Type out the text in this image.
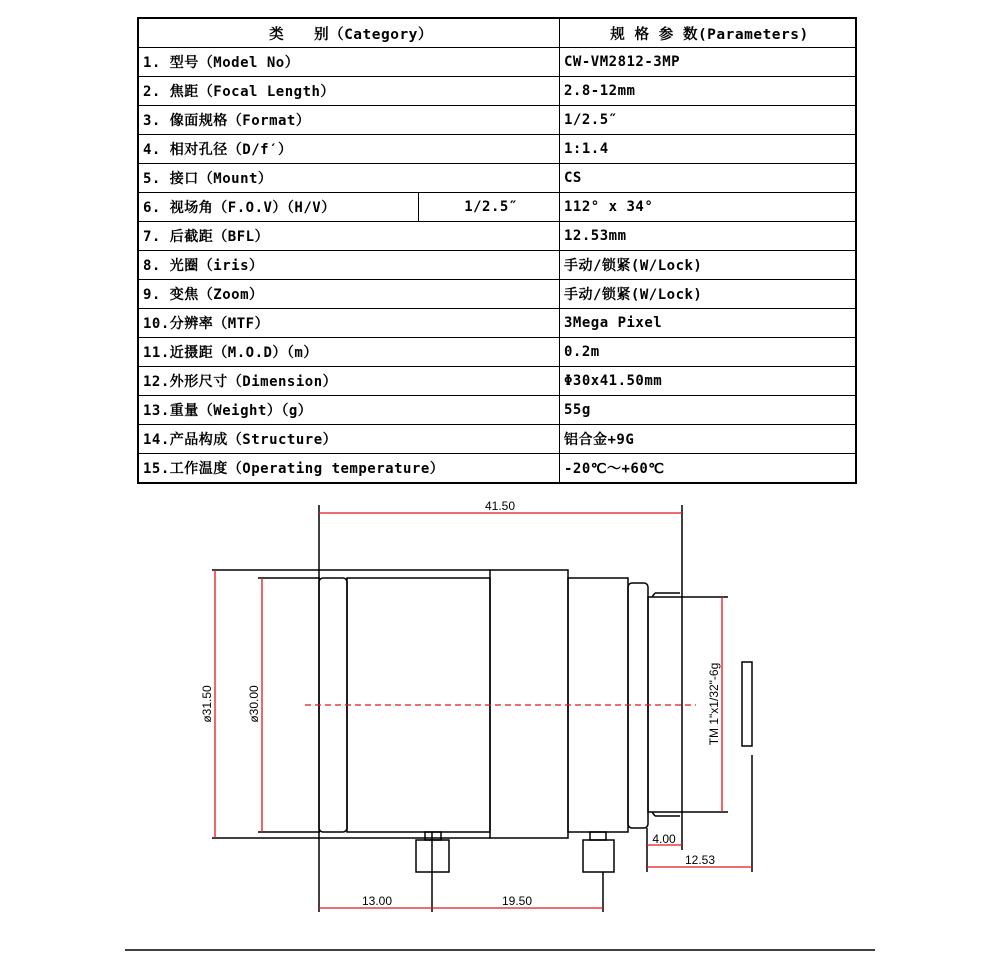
类　　别（Category）		规 格 参 数(Parameters)
1. 型号（Model No）		CW-VM2812-3MP
2. 焦距（Focal Length）		2.8-12mm
3. 像面规格（Format）		1/2.5″
4. 相对孔径（D/f′）		1:1.4
5. 接口（Mount）		CS
6. 视场角（F.O.V）（H/V）	1/2.5″	112° x 34°
7. 后截距（BFL）		12.53mm
8. 光圈（iris）		手动/锁紧(W/Lock)
9. 变焦（Zoom）		手动/锁紧(W/Lock)
10.分辨率（MTF）		3Mega Pixel
11.近摄距（M.O.D）（m）		0.2m
12.外形尺寸（Dimension）		Φ30x41.50mm
13.重量（Weight）（g）		55g
14.产品构成（Structure）		铝合金+9G
15.工作温度（Operating temperature）		-20℃～+60℃
41.50
ø31.50	ø30.00	TM 1"x1/32"-6g
4.00
12.53
13.00	19.50
